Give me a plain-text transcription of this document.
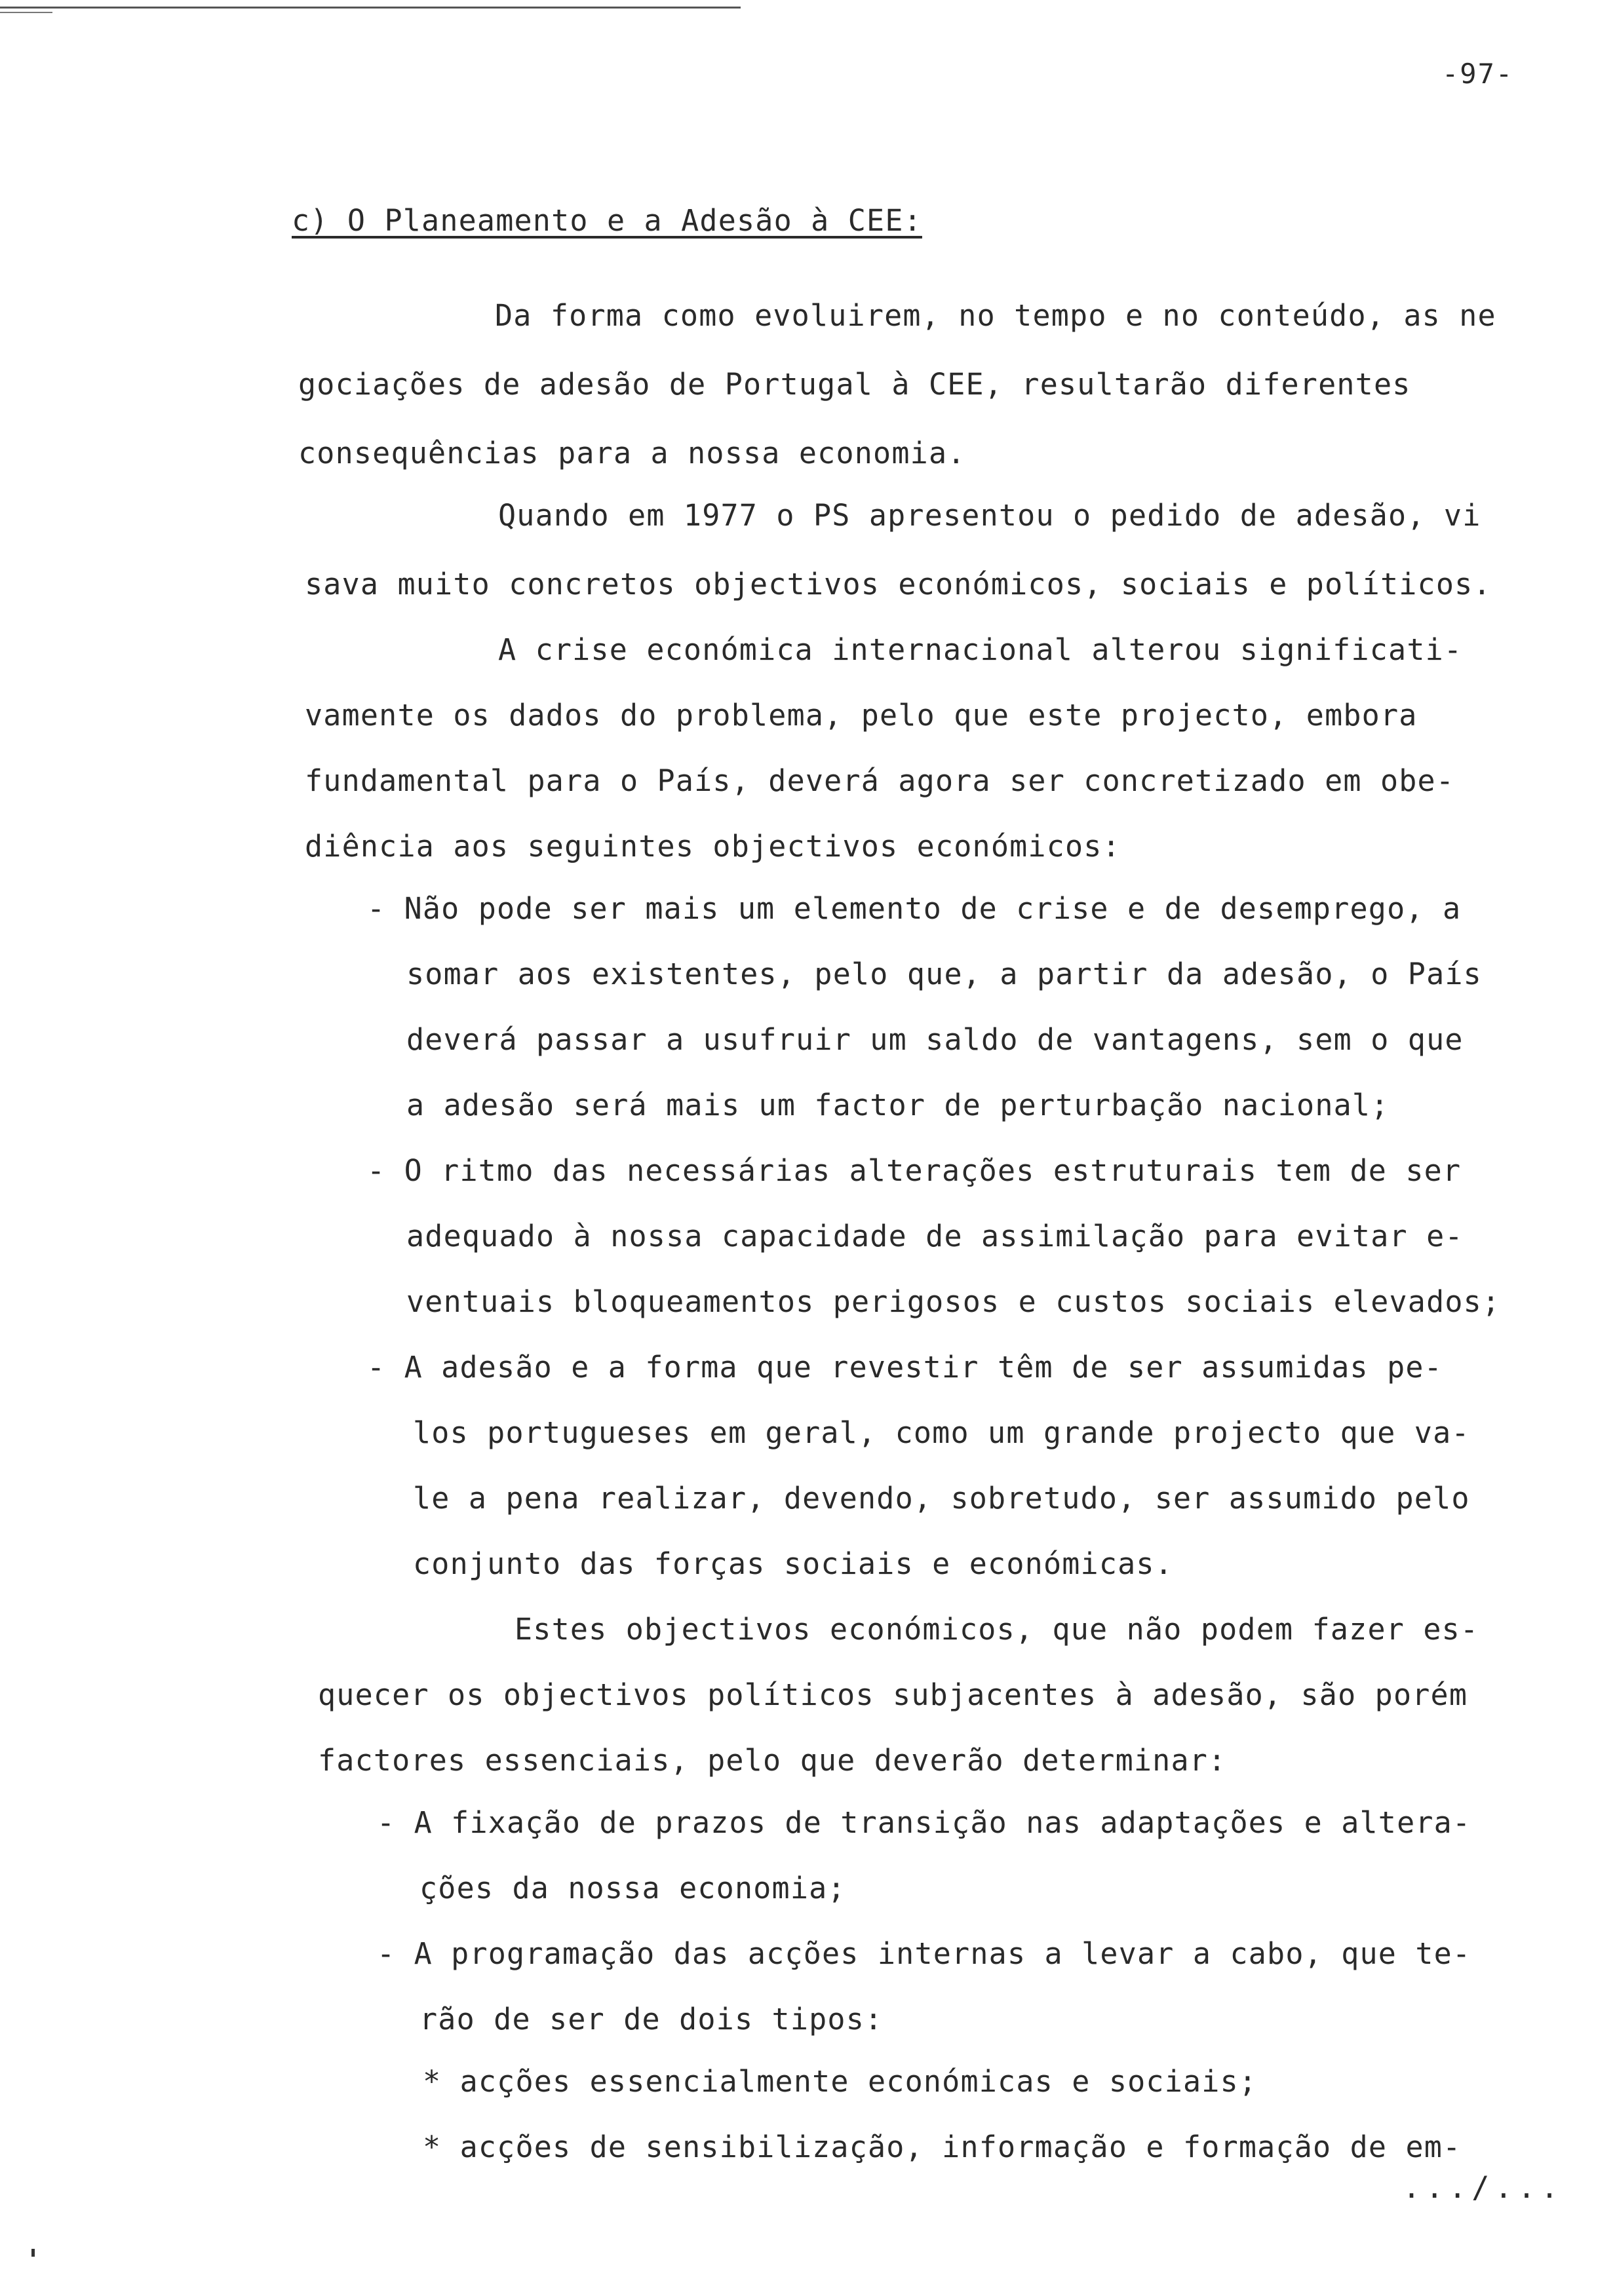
-97-
c) O Planeamento e a Adesão à CEE:
Da forma como evoluirem, no tempo e no conteúdo, as ne
gociações de adesão de Portugal à CEE, resultarão diferentes
consequências para a nossa economia.
Quando em 1977 o PS apresentou o pedido de adesão, vi
sava muito concretos objectivos económicos, sociais e políticos.
A crise económica internacional alterou significati-
vamente os dados do problema, pelo que este projecto, embora
fundamental para o País, deverá agora ser concretizado em obe-
diência aos seguintes objectivos económicos:
- Não pode ser mais um elemento de crise e de desemprego, a
somar aos existentes, pelo que, a partir da adesão, o País
deverá passar a usufruir um saldo de vantagens, sem o que
a adesão será mais um factor de perturbação nacional;
- O ritmo das necessárias alterações estruturais tem de ser
adequado à nossa capacidade de assimilação para evitar e-
ventuais bloqueamentos perigosos e custos sociais elevados;
- A adesão e a forma que revestir têm de ser assumidas pe-
los portugueses em geral, como um grande projecto que va-
le a pena realizar, devendo, sobretudo, ser assumido pelo
conjunto das forças sociais e económicas.
Estes objectivos económicos, que não podem fazer es-
quecer os objectivos políticos subjacentes à adesão, são porém
factores essenciais, pelo que deverão determinar:
- A fixação de prazos de transição nas adaptações e altera-
ções da nossa economia;
- A programação das acções internas a levar a cabo, que te-
rão de ser de dois tipos:
* acções essencialmente económicas e sociais;
* acções de sensibilização, informação e formação de em-
.../...
